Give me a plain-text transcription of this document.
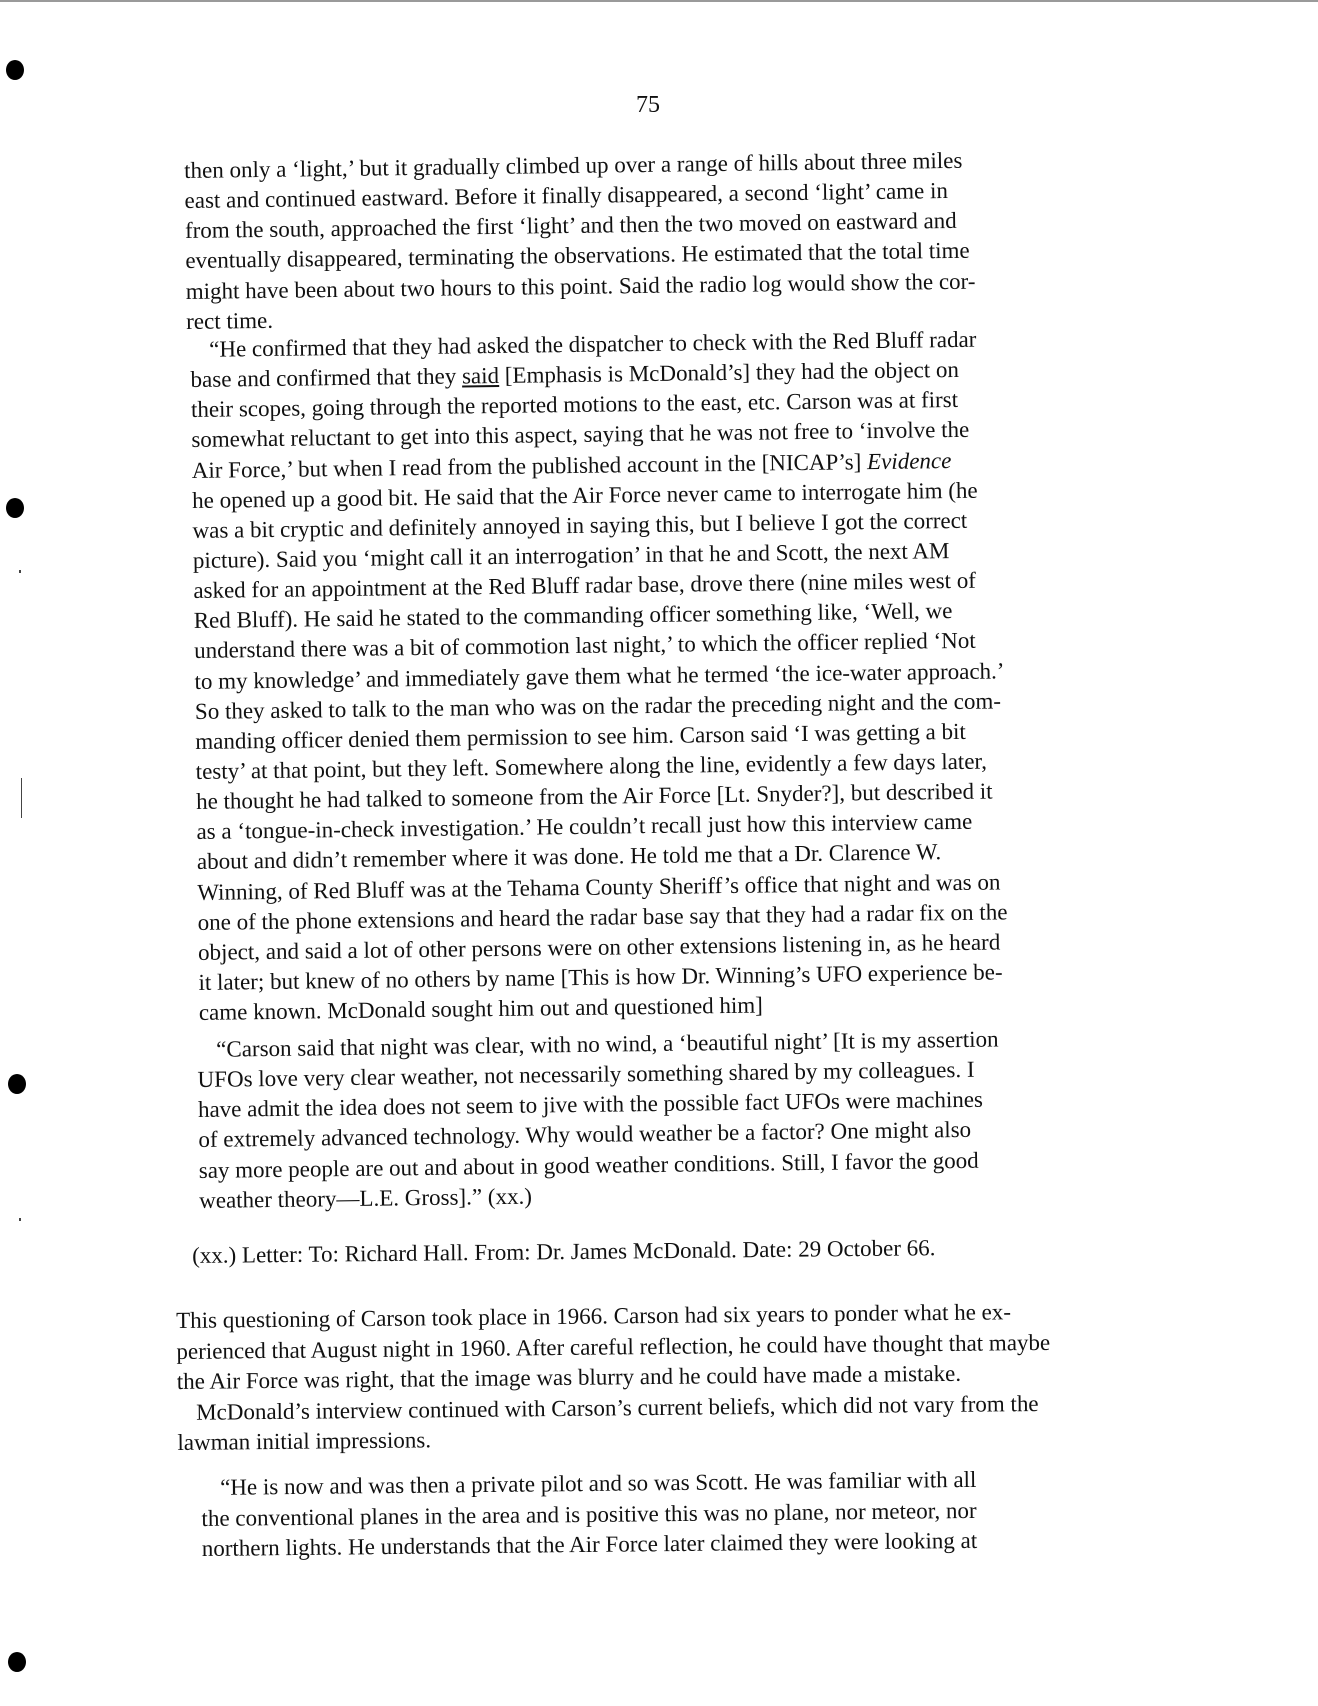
75
then only a ‘light,’ but it gradually climbed up over a range of hills about three miles
east and continued eastward. Before it finally disappeared, a second ‘light’ came in
from the south, approached the first ‘light’ and then the two moved on eastward and
eventually disappeared, terminating the observations. He estimated that the total time
might have been about two hours to this point. Said the radio log would show the cor-
rect time.
“He confirmed that they had asked the dispatcher to check with the Red Bluff radar
base and confirmed that they said [Emphasis is McDonald’s] they had the object on
their scopes, going through the reported motions to the east, etc. Carson was at first
somewhat reluctant to get into this aspect, saying that he was not free to ‘involve the
Air Force,’ but when I read from the published account in the [NICAP’s] Evidence
he opened up a good bit. He said that the Air Force never came to interrogate him (he
was a bit cryptic and definitely annoyed in saying this, but I believe I got the correct
picture). Said you ‘might call it an interrogation’ in that he and Scott, the next AM
asked for an appointment at the Red Bluff radar base, drove there (nine miles west of
Red Bluff). He said he stated to the commanding officer something like, ‘Well, we
understand there was a bit of commotion last night,’ to which the officer replied ‘Not
to my knowledge’ and immediately gave them what he termed ‘the ice-water approach.’
So they asked to talk to the man who was on the radar the preceding night and the com-
manding officer denied them permission to see him. Carson said ‘I was getting a bit
testy’ at that point, but they left. Somewhere along the line, evidently a few days later,
he thought he had talked to someone from the Air Force [Lt. Snyder?], but described it
as a ‘tongue-in-check investigation.’ He couldn’t recall just how this interview came
about and didn’t remember where it was done. He told me that a Dr. Clarence W.
Winning, of Red Bluff was at the Tehama County Sheriff’s office that night and was on
one of the phone extensions and heard the radar base say that they had a radar fix on the
object, and said a lot of other persons were on other extensions listening in, as he heard
it later; but knew of no others by name [This is how Dr. Winning’s UFO experience be-
came known. McDonald sought him out and questioned him]
“Carson said that night was clear, with no wind, a ‘beautiful night’ [It is my assertion
UFOs love very clear weather, not necessarily something shared by my colleagues. I
have admit the idea does not seem to jive with the possible fact UFOs were machines
of extremely advanced technology. Why would weather be a factor? One might also
say more people are out and about in good weather conditions. Still, I favor the good
weather theory—L.E. Gross].” (xx.)
(xx.) Letter: To: Richard Hall. From: Dr. James McDonald. Date: 29 October 66.
This questioning of Carson took place in 1966. Carson had six years to ponder what he ex-
perienced that August night in 1960. After careful reflection, he could have thought that maybe
the Air Force was right, that the image was blurry and he could have made a mistake.
McDonald’s interview continued with Carson’s current beliefs, which did not vary from the
lawman initial impressions.
“He is now and was then a private pilot and so was Scott. He was familiar with all
the conventional planes in the area and is positive this was no plane, nor meteor, nor
northern lights. He understands that the Air Force later claimed they were looking at
